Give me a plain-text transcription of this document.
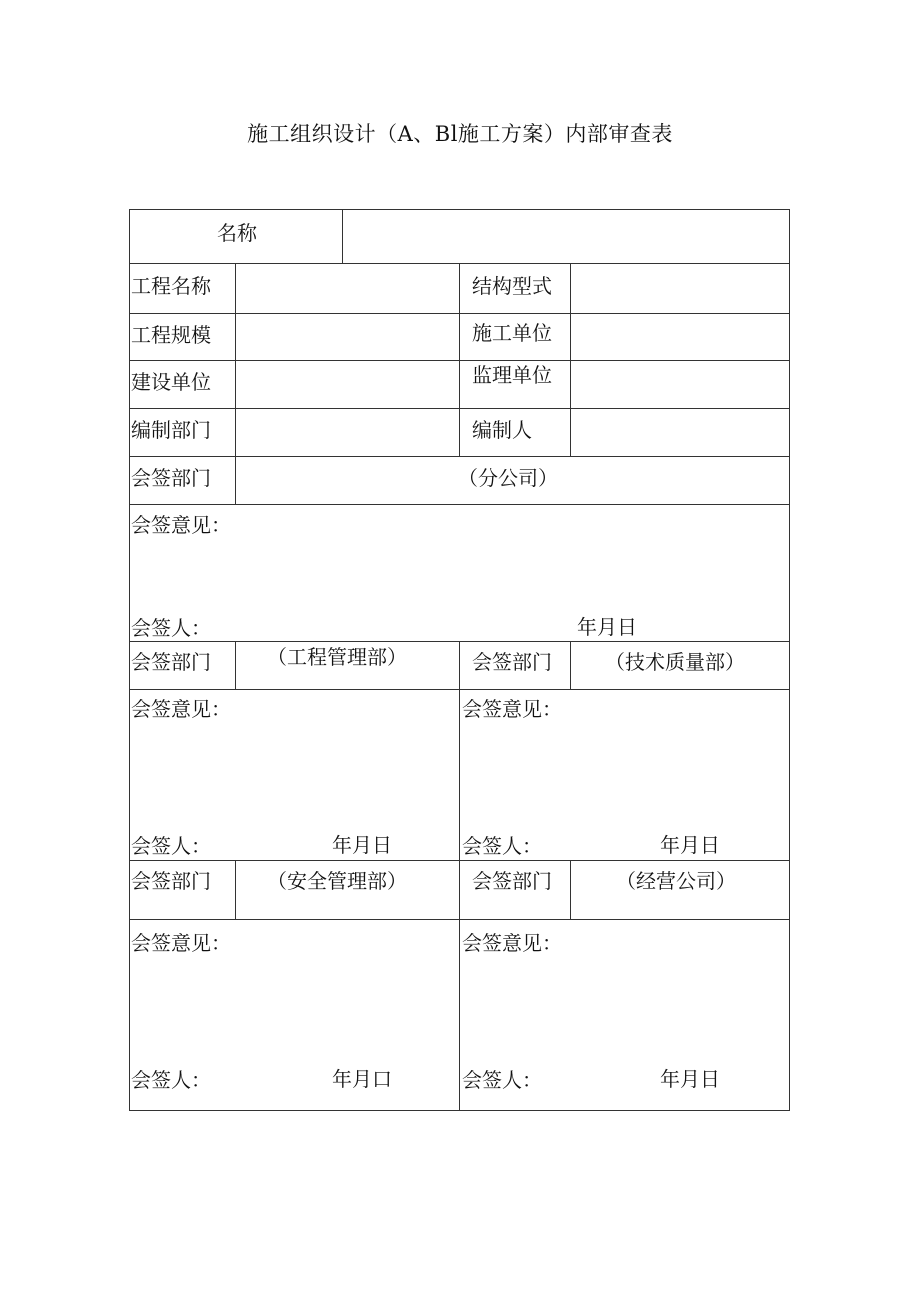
施工组织设计（A、Bl施工方案）内部审查表
名称
工程名称	结构型式
工程规模	施工单位
建设单位	监理单位
编制部门	编制人
会签部门	（分公司）
会签意见：
会签人：	年月日
会签部门	（工程管理部）	会签部门	（技术质量部）
会签意见：	会签意见：
会签人：	年月日	会签人：	年月日
会签部门	（安全管理部）	会签部门	（经营公司）
会签意见：	会签意见：
会签人：	年月口	会签人：	年月日
